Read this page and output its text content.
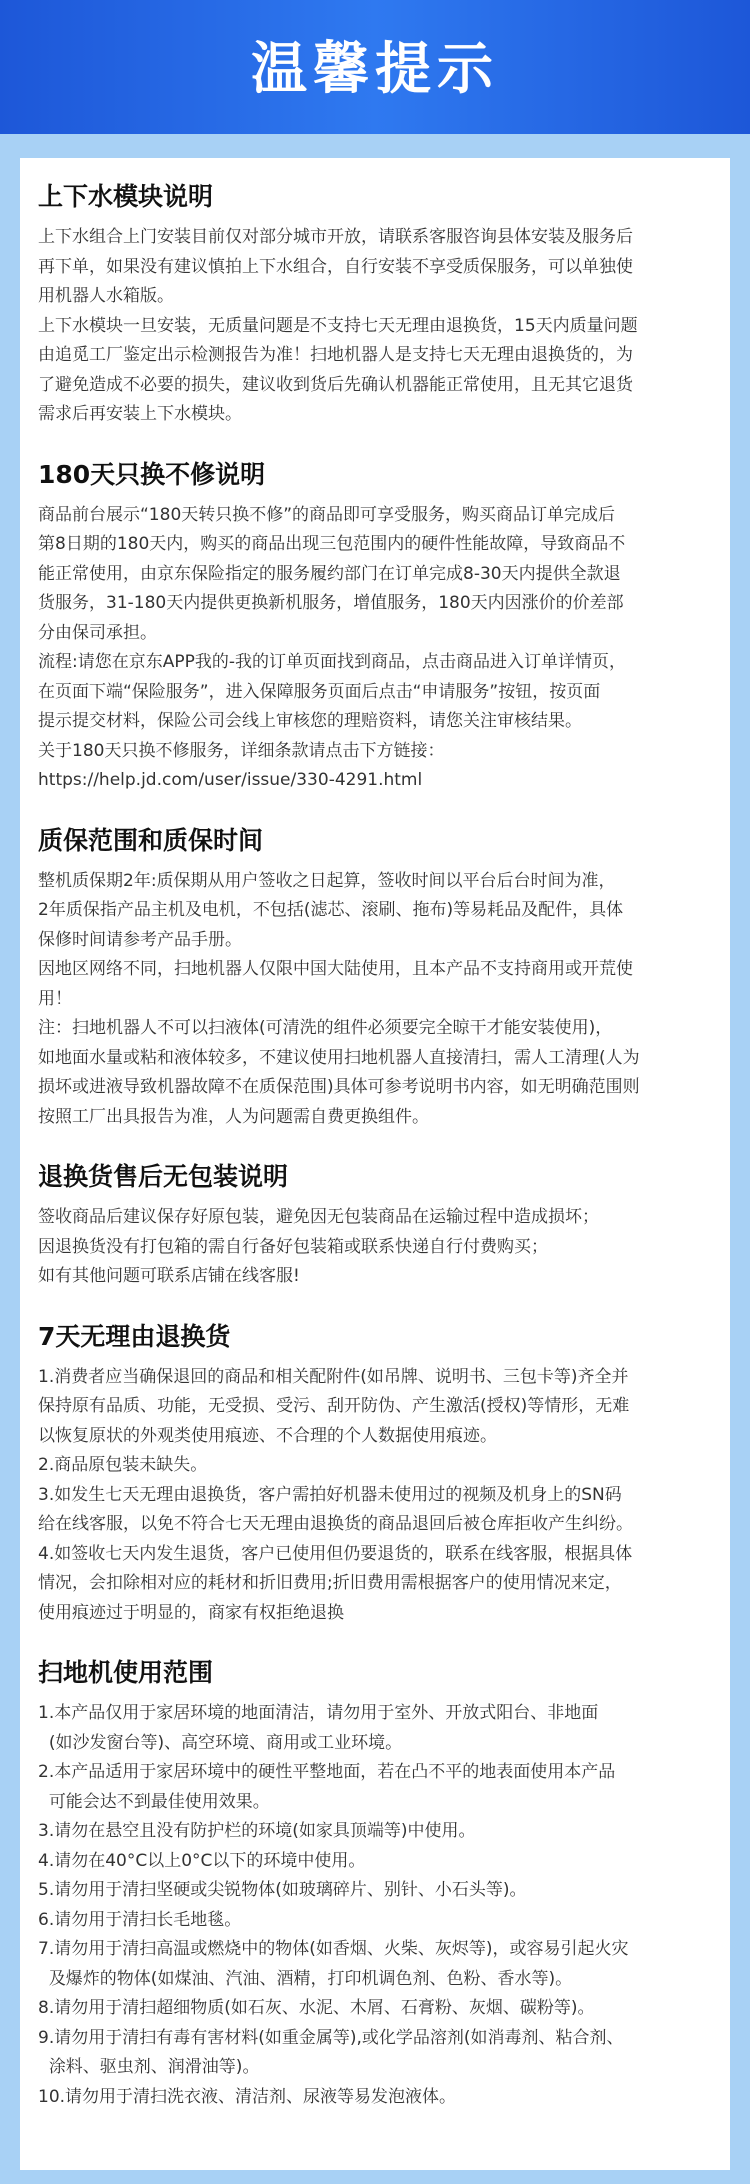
温馨提示
上下水模块说明

上下水组合上门安装目前仅对部分城市开放，请联系客服咨询县体安装及服务后

再下单，如果没有建议慎拍上下水组合，自行安装不享受质保服务，可以单独使

用机器人水箱版。

上下水模块一旦安装，无质量问题是不支持七天无理由退换货，15天内质量问题

由追觅工厂鉴定出示检测报告为准！扫地机器人是支持七天无理由退换货的，为

了避免造成不必要的损失，建议收到货后先确认机器能正常使用，且无其它退货

需求后再安装上下水模块。

180天只换不修说明

商品前台展示“180天转只换不修”的商品即可享受服务，购买商品订单完成后

第8日期的180天内，购买的商品出现三包范围内的硬件性能故障，导致商品不

能正常使用，由京东保险指定的服务履约部门在订单完成8-30天内提供全款退

货服务，31-180天内提供更换新机服务，增值服务，180天内因涨价的价差部

分由保司承担。

流程:请您在京东APP我的-我的订单页面找到商品，点击商品进入订单详情页，

在页面下端“保险服务”，进入保障服务页面后点击“申请服务”按钮，按页面

提示提交材料，保险公司会线上审核您的理赔资料，请您关注审核结果。

关于180天只换不修服务，详细条款请点击下方链接：

https://help.jd.com/user/issue/330-4291.html

质保范围和质保时间

整机质保期2年:质保期从用户签收之日起算，签收时间以平台后台时间为准，

2年质保指产品主机及电机，不包括(滤芯、滚刷、拖布)等易耗品及配件，具体

保修时间请参考产品手册。

因地区网络不同，扫地机器人仅限中国大陆使用，且本产品不支持商用或开荒使

用！

注：扫地机器人不可以扫液体(可清洗的组件必须要完全晾干才能安装使用)，

如地面水量或粘和液体较多，不建议使用扫地机器人直接清扫，需人工清理(人为

损坏或进液导致机器故障不在质保范围)具体可参考说明书内容，如无明确范围则

按照工厂出具报告为准，人为问题需自费更换组件。

退换货售后无包装说明

签收商品后建议保存好原包装，避免因无包装商品在运输过程中造成损坏；

因退换货没有打包箱的需自行备好包装箱或联系快递自行付费购买；

如有其他问题可联系店铺在线客服!

7天无理由退换货

1.消费者应当确保退回的商品和相关配附件(如吊牌、说明书、三包卡等)齐全并

保持原有品质、功能，无受损、受污、刮开防伪、产生激活(授权)等情形，无难

以恢复原状的外观类使用痕迹、不合理的个人数据使用痕迹。

2.商品原包装未缺失。

3.如发生七天无理由退换货，客户需拍好机器未使用过的视频及机身上的SN码

给在线客服，以免不符合七天无理由退换货的商品退回后被仓库拒收产生纠纷。

4.如签收七天内发生退货，客户已使用但仍要退货的，联系在线客服，根据具体

情况，会扣除相对应的耗材和折旧费用;折旧费用需根据客户的使用情况来定，

使用痕迹过于明显的，商家有权拒绝退换

扫地机使用范围

1.本产品仅用于家居环境的地面清洁，请勿用于室外、开放式阳台、非地面

(如沙发窗台等)、高空环境、商用或工业环境。

2.本产品适用于家居环境中的硬性平整地面，若在凸不平的地表面使用本产品

可能会达不到最佳使用效果。

3.请勿在悬空且没有防护栏的环境(如家具顶端等)中使用。

4.请勿在40°C以上0°C以下的环境中使用。

5.请勿用于清扫坚硬或尖锐物体(如玻璃碎片、别针、小石头等)。

6.请勿用于清扫长毛地毯。

7.请勿用于清扫高温或燃烧中的物体(如香烟、火柴、灰烬等)，或容易引起火灾

及爆炸的物体(如煤油、汽油、酒精，打印机调色剂、色粉、香水等)。

8.请勿用于清扫超细物质(如石灰、水泥、木屑、石膏粉、灰烟、碳粉等)。

9.请勿用于清扫有毒有害材料(如重金属等),或化学品溶剂(如消毒剂、粘合剂、

涂料、驱虫剂、润滑油等)。

10.请勿用于清扫洗衣液、清洁剂、尿液等易发泡液体。
